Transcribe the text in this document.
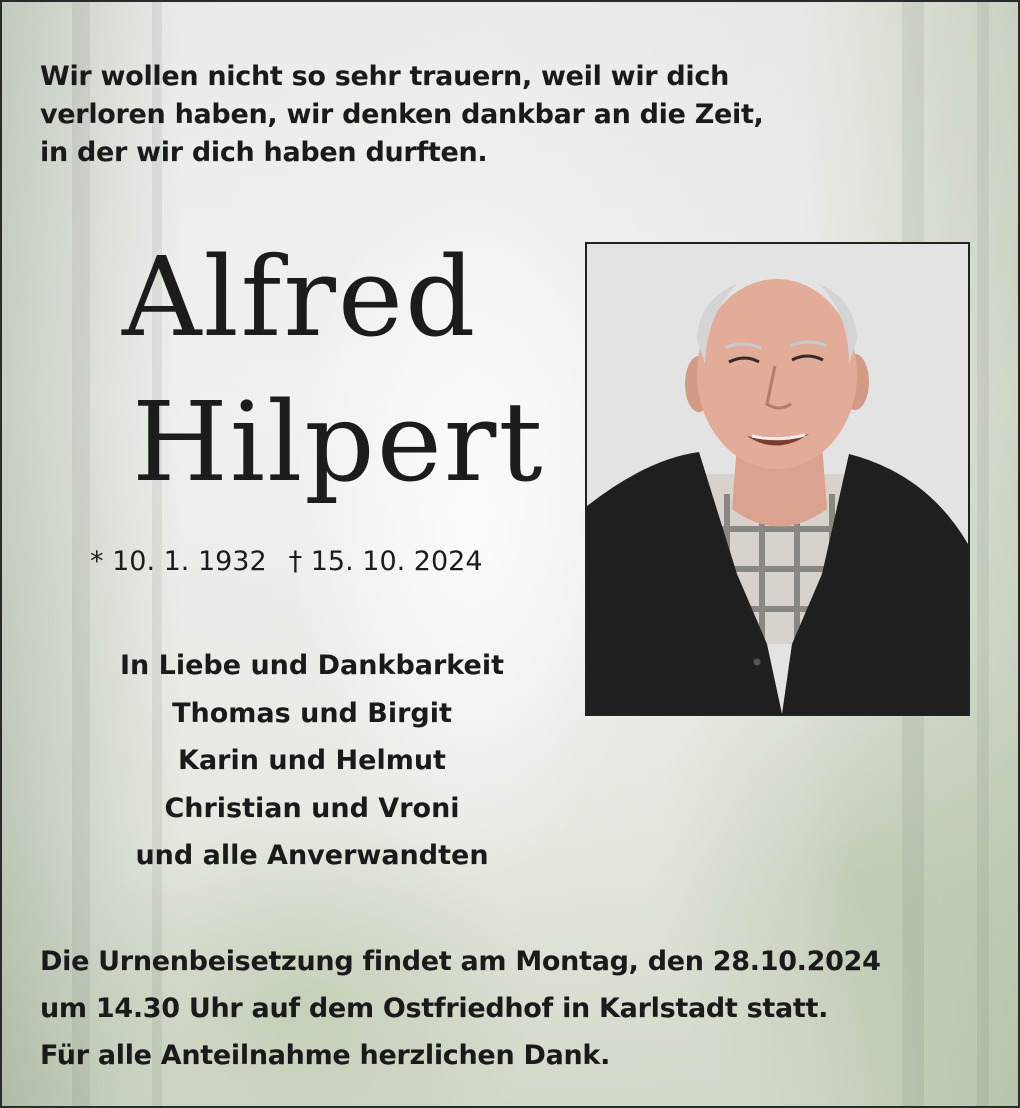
Wir wollen nicht so sehr trauern, weil wir dich
verloren haben, wir denken dankbar an die Zeit,
in der wir dich haben durften.
Alfred
Hilpert
* 10. 1. 1932 † 15. 10. 2024
In Liebe und Dankbarkeit
Thomas und Birgit
Karin und Helmut
Christian und Vroni
und alle Anverwandten
Die Urnenbeisetzung findet am Montag, den 28.10.2024
um 14.30 Uhr auf dem Ostfriedhof in Karlstadt statt.
Für alle Anteilnahme herzlichen Dank.
